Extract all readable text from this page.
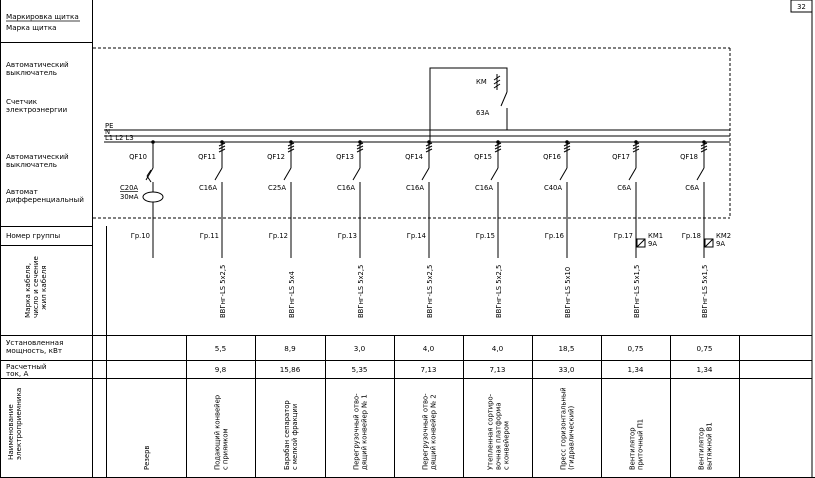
32
Маркировка щитка
Марка щитка
Автоматический
выключатель
Счетчик
электроэнергии
Автоматический
выключатель
Автомат
дифференциальный
Номер группы
Марка кабеля, число и сечение жил кабеля
Установленная
мощность, кВт
Расчетный
ток, А
Наименование электроприемника
PE
N
L1 L2 L3
КМ
63А
QF10
Гр.10
Резерв
QF11
C16A
Гр.11
ВВГнг-LS 5х2,5
5,5
9,8
Подающий конвейер с приямком
QF12
C25A
Гр.12
ВВГнг-LS 5х4
8,9
15,86
Барабан сепаратор с мелкой фракции
QF13
C16A
Гр.13
ВВГнг-LS 5х2,5
3,0
5,35
Перегрузочный отво- дящий конвейер № 1
QF14
C16A
Гр.14
ВВГнг-LS 5х2,5
4,0
7,13
Перегрузочный отво- дящий конвейер № 2
QF15
C16A
Гр.15
ВВГнг-LS 5х2,5
4,0
7,13
Утепленная сортиро- вочная платформа с конвейером
QF16
C40A
Гр.16
ВВГнг-LS 5х10
18,5
33,0
Пресс горизонтальный (гидравлический)
QF17
C6A
Гр.17 КМ1
9А
ВВГнг-LS 5х1,5
0,75
1,34
Вентилятор приточный П1
QF18
C6A
Гр.18 КМ2
9А
ВВГнг-LS 5х1,5
0,75
1,34
Вентилятор вытяжной В1
C20A
30мА
